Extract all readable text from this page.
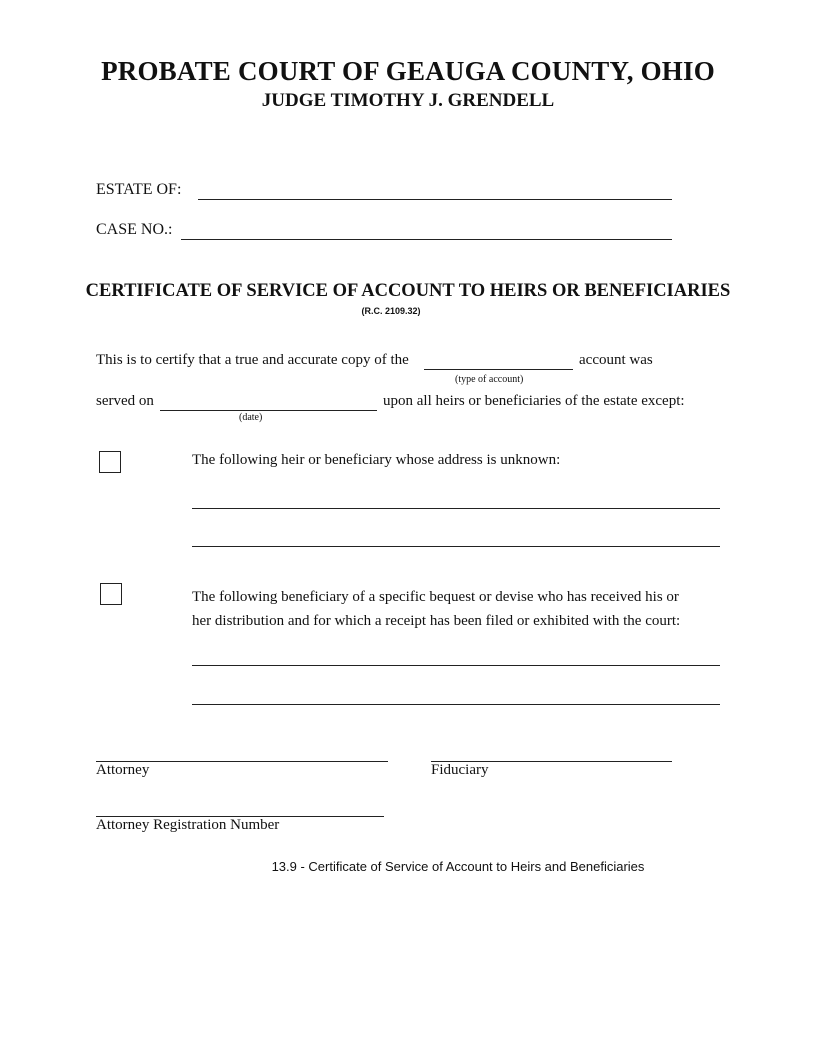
PROBATE COURT OF GEAUGA COUNTY, OHIO
JUDGE TIMOTHY J. GRENDELL
ESTATE OF:
CASE NO.:
CERTIFICATE OF SERVICE OF ACCOUNT TO HEIRS OR BENEFICIARIES
(R.C. 2109.32)
This is to certify that a true and accurate copy of the	account was
(type of account)
served on	upon all heirs or beneficiaries of the estate except:
(date)
The following heir or beneficiary whose address is unknown:
The following beneficiary of a specific bequest or devise who has received his or
her distribution and for which a receipt has been filed or exhibited with the court:
Attorney	Fiduciary
Attorney Registration Number
13.9 - Certificate of Service of Account to Heirs and Beneficiaries
